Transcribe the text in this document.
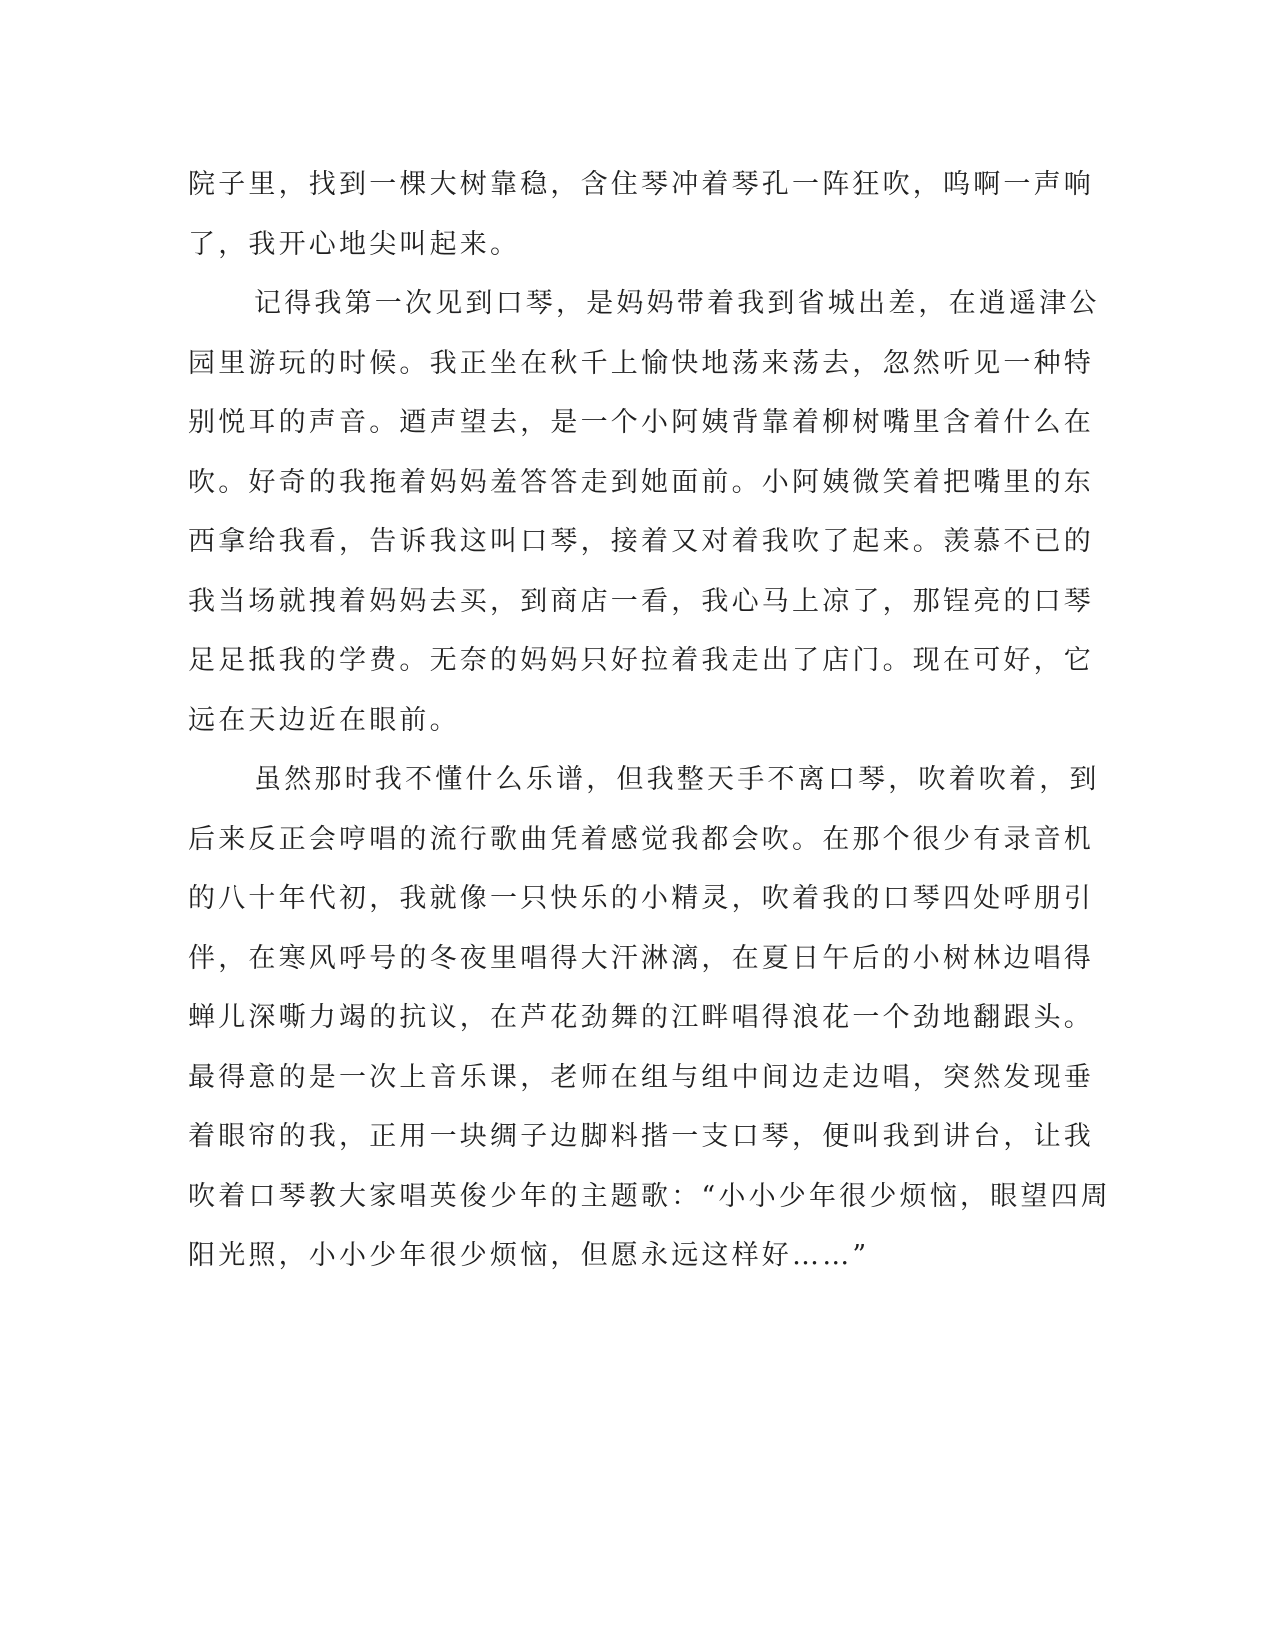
院子里，找到一棵大树靠稳，含住琴冲着琴孔一阵狂吹，呜啊一声响
了，我开心地尖叫起来。
记得我第一次见到口琴，是妈妈带着我到省城出差，在逍遥津公
园里游玩的时候。我正坐在秋千上愉快地荡来荡去，忽然听见一种特
别悦耳的声音。逎声望去，是一个小阿姨背靠着柳树嘴里含着什么在
吹。好奇的我拖着妈妈羞答答走到她面前。小阿姨微笑着把嘴里的东
西拿给我看，告诉我这叫口琴，接着又对着我吹了起来。羡慕不已的
我当场就拽着妈妈去买，到商店一看，我心马上凉了，那锃亮的口琴
足足抵我的学费。无奈的妈妈只好拉着我走出了店门。现在可好，它
远在天边近在眼前。
虽然那时我不懂什么乐谱，但我整天手不离口琴，吹着吹着，到
后来反正会哼唱的流行歌曲凭着感觉我都会吹。在那个很少有录音机
的八十年代初，我就像一只快乐的小精灵，吹着我的口琴四处呼朋引
伴，在寒风呼号的冬夜里唱得大汗淋漓，在夏日午后的小树林边唱得
蝉儿深嘶力竭的抗议，在芦花劲舞的江畔唱得浪花一个劲地翻跟头。
最得意的是一次上音乐课，老师在组与组中间边走边唱，突然发现垂
着眼帘的我，正用一块绸子边脚料揩一支口琴，便叫我到讲台，让我
吹着口琴教大家唱英俊少年的主题歌：“小小少年很少烦恼，眼望四周
阳光照，小小少年很少烦恼，但愿永远这样好……”
